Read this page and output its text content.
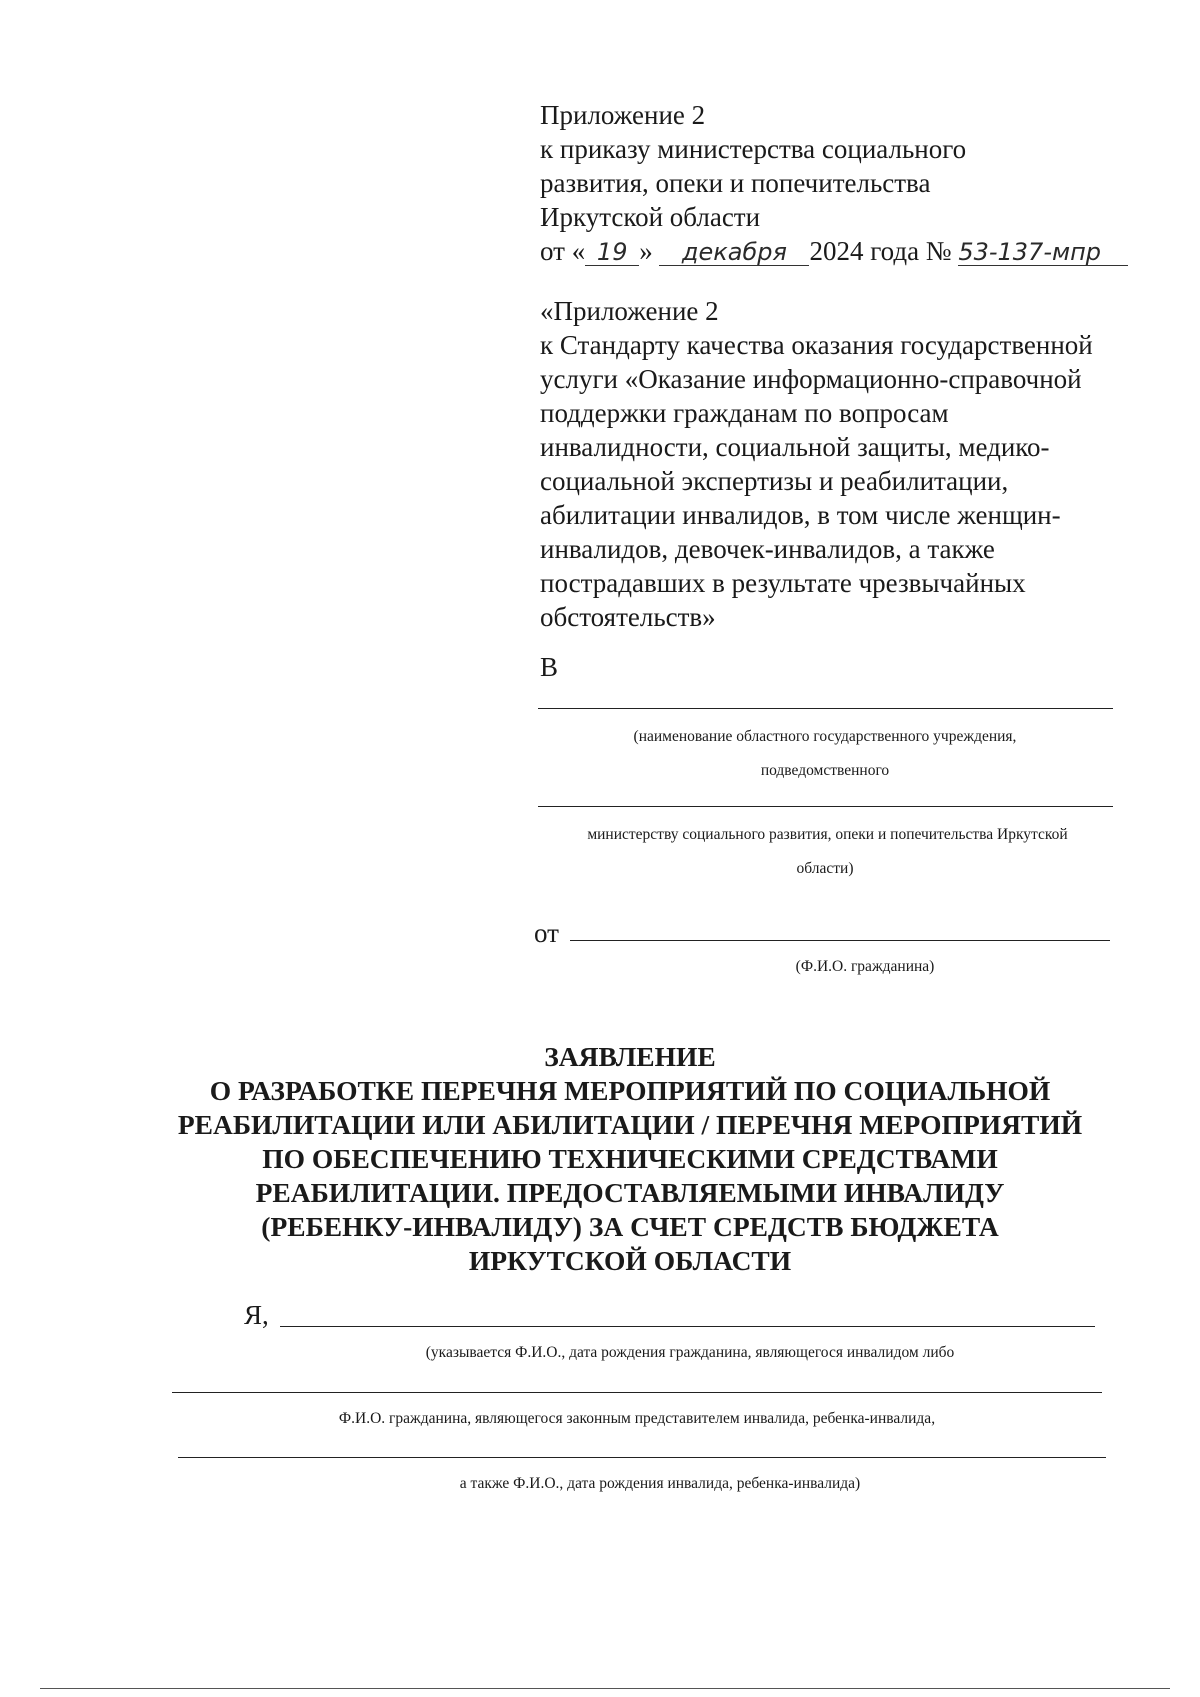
Приложение 2
к приказу министерства социального
развития, опеки и попечительства
Иркутской области
от « 19 » декабря 2024 года № 53-137-мпр
«Приложение 2
к Стандарту качества оказания государственной
услуги «Оказание информационно-справочной
поддержки гражданам по вопросам
инвалидности, социальной защиты, медико-
социальной экспертизы и реабилитации,
абилитации инвалидов, в том числе женщин-
инвалидов, девочек-инвалидов, а также
пострадавших в результате чрезвычайных
обстоятельств»
В
(наименование областного государственного учреждения,
подведомственного
министерству социального развития, опеки и попечительства Иркутской
области)
от
(Ф.И.О. гражданина)
ЗАЯВЛЕНИЕ
О РАЗРАБОТКЕ ПЕРЕЧНЯ МЕРОПРИЯТИЙ ПО СОЦИАЛЬНОЙ
РЕАБИЛИТАЦИИ ИЛИ АБИЛИТАЦИИ / ПЕРЕЧНЯ МЕРОПРИЯТИЙ
ПО ОБЕСПЕЧЕНИЮ ТЕХНИЧЕСКИМИ СРЕДСТВАМИ
РЕАБИЛИТАЦИИ. ПРЕДОСТАВЛЯЕМЫМИ ИНВАЛИДУ
(РЕБЕНКУ-ИНВАЛИДУ) ЗА СЧЕТ СРЕДСТВ БЮДЖЕТА
ИРКУТСКОЙ ОБЛАСТИ
Я,
(указывается Ф.И.О., дата рождения гражданина, являющегося инвалидом либо
Ф.И.О. гражданина, являющегося законным представителем инвалида, ребенка-инвалида,
а также Ф.И.О., дата рождения инвалида, ребенка-инвалида)
